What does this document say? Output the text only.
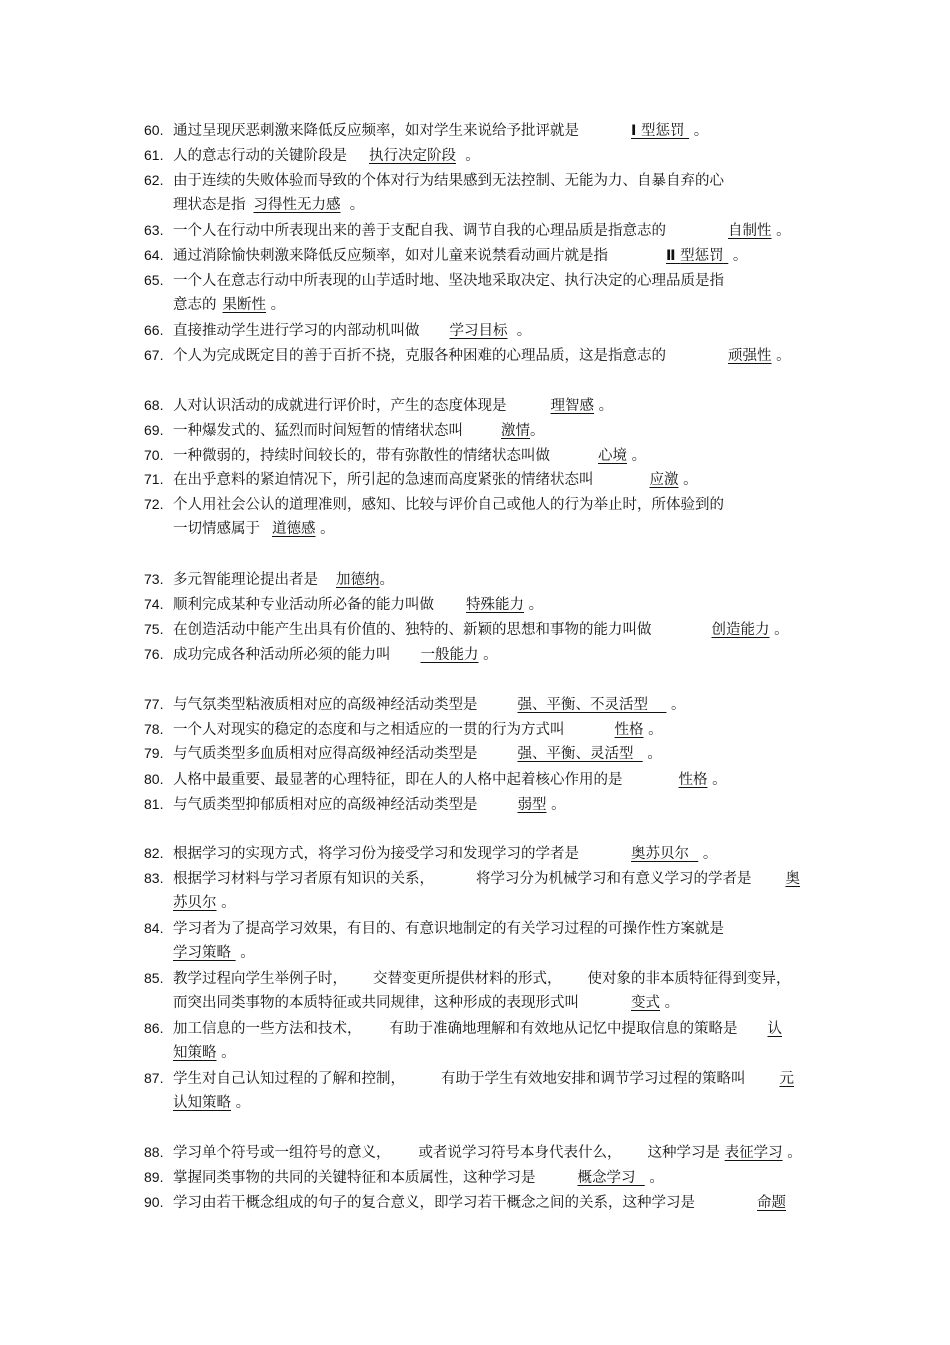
60. 通过呈现厌恶刺激来降低反应频率，如对学生来说给予批评就是	Ⅰ 型惩罚 。
61. 人的意志行动的关键阶段是 执行决定阶段 。
62. 由于连续的失败体验而导致的个体对行为结果感到无法控制、无能为力、自暴自弃的心
理状态是指 习得性无力感 。
63. 一个人在行动中所表现出来的善于支配自我、调节自我的心理品质是指意志的	自制性 。
64. 通过消除愉快刺激来降低反应频率，如对儿童来说禁看动画片就是指	Ⅱ 型惩罚 。
65. 一个人在意志行动中所表现的山芋适时地、坚决地采取决定、执行决定的心理品质是指
意志的 果断性 。
66. 直接推动学生进行学习的内部动机叫做 学习目标 。
67. 个人为完成既定目的善于百折不挠，克服各种困难的心理品质，这是指意志的	顽强性 。
68. 人对认识活动的成就进行评价时，产生的态度体现是	理智感 。
69. 一种爆发式的、猛烈而时间短暂的情绪状态叫	激情。
70. 一种微弱的，持续时间较长的，带有弥散性的情绪状态叫做	心境 。
71. 在出乎意料的紧迫情况下，所引起的急速而高度紧张的情绪状态叫	应激 。
72. 个人用社会公认的道理准则，感知、比较与评价自己或他人的行为举止时，所体验到的
一切情感属于 道德感 。
73. 多元智能理论提出者是 加德纳。
74. 顺利完成某种专业活动所必备的能力叫做 特殊能力 。
75. 在创造活动中能产生出具有价值的、独特的、新颖的思想和事物的能力叫做	创造能力 。
76. 成功完成各种活动所必须的能力叫 一般能力 。
77. 与气氛类型粘液质相对应的高级神经活动类型是	强、平衡、不灵活型 。
78. 一个人对现实的稳定的态度和与之相适应的一贯的行为方式叫	性格 。
79. 与气质类型多血质相对应得高级神经活动类型是	强、平衡、灵活型 。
80. 人格中最重要、最显著的心理特征，即在人的人格中起着核心作用的是	性格 。
81. 与气质类型抑郁质相对应的高级神经活动类型是	弱型 。
82. 根据学习的实现方式，将学习份为接受学习和发现学习的学者是	奥苏贝尔 。
83. 根据学习材料与学习者原有知识的关系，	将学习分为机械学习和有意义学习的学者是 奥
苏贝尔 。
84. 学习者为了提高学习效果，有目的、有意识地制定的有关学习过程的可操作性方案就是
学习策略 。
85. 教学过程向学生举例子时， 交替变更所提供材料的形式， 使对象的非本质特征得到变异，
而突出同类事物的本质特征或共同规律，这种形成的表现形式叫	变式 。
86. 加工信息的一些方法和技术， 有助于准确地理解和有效地从记忆中提取信息的策略是 认
知策略 。
87. 学生对自己认知过程的了解和控制， 有助于学生有效地安排和调节学习过程的策略叫 元
认知策略 。
88. 学习单个符号或一组符号的意义， 或者说学习符号本身代表什么， 这种学习是 表征学习 。
89. 掌握同类事物的共同的关键特征和本质属性，这种学习是	概念学习 。
90. 学习由若干概念组成的句子的复合意义，即学习若干概念之间的关系，这种学习是	命题
